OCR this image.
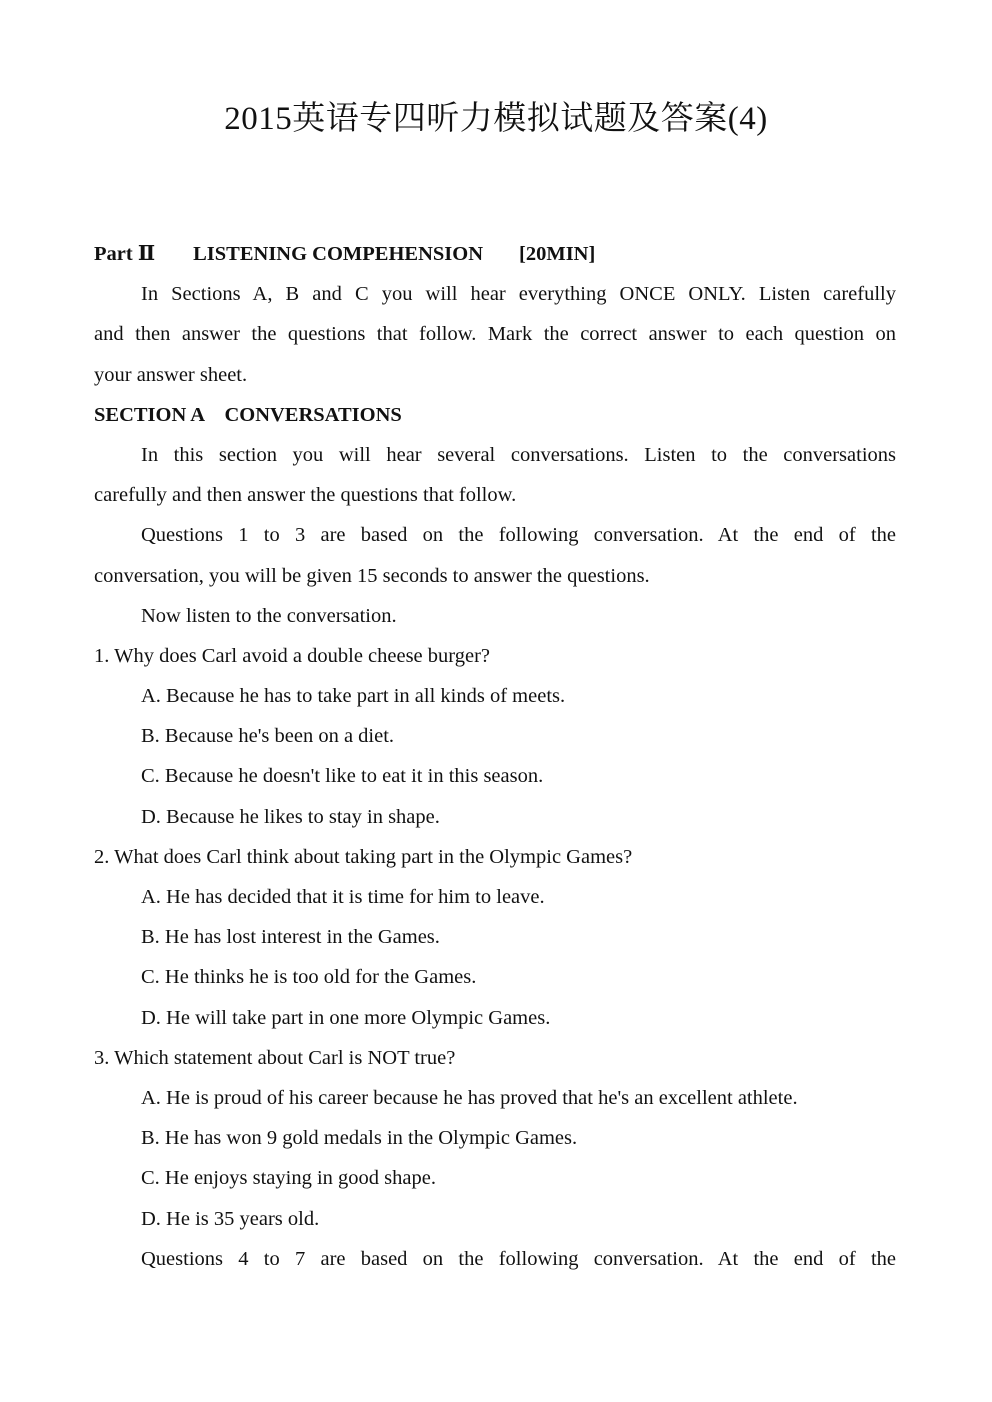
2015英语专四听力模拟试题及答案(4)
Part Ⅱ LISTENING COMPEHENSION [20MIN]
In Sections A, B and C you will hear everything ONCE ONLY. Listen carefully
and then answer the questions that follow. Mark the correct answer to each question on
your answer sheet.
SECTION A    CONVERSATIONS
In this section you will hear several conversations. Listen to the conversations
carefully and then answer the questions that follow.
Questions 1 to 3 are based on the following conversation. At the end of the
conversation, you will be given 15 seconds to answer the questions.
Now listen to the conversation.
1. Why does Carl avoid a double cheese burger?
A. Because he has to take part in all kinds of meets.
B. Because he's been on a diet.
C. Because he doesn't like to eat it in this season.
D. Because he likes to stay in shape.
2. What does Carl think about taking part in the Olympic Games?
A. He has decided that it is time for him to leave.
B. He has lost interest in the Games.
C. He thinks he is too old for the Games.
D. He will take part in one more Olympic Games.
3. Which statement about Carl is NOT true?
A. He is proud of his career because he has proved that he's an excellent athlete.
B. He has won 9 gold medals in the Olympic Games.
C. He enjoys staying in good shape.
D. He is 35 years old.
Questions 4 to 7 are based on the following conversation. At the end of the
